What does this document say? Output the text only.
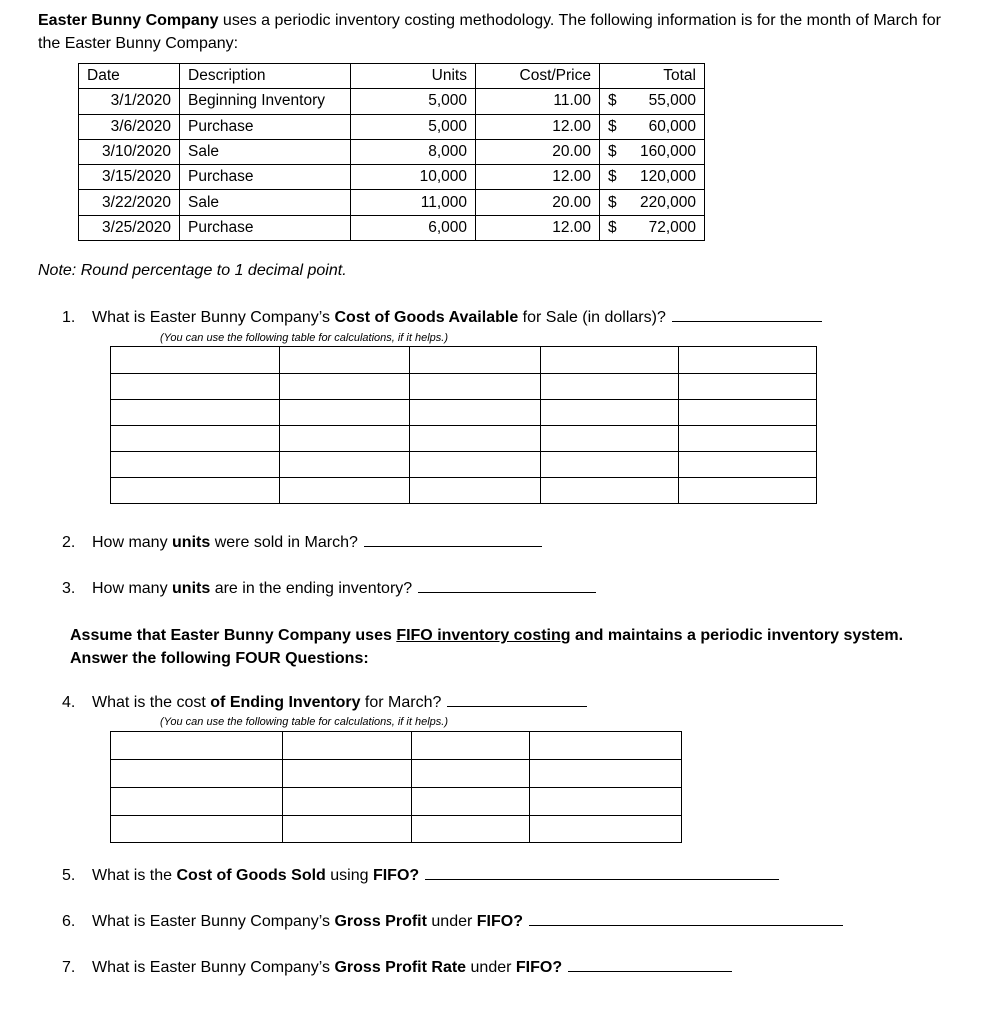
Easter Bunny Company uses a periodic inventory costing methodology. The following information is for the month of March for the Easter Bunny Company:
Date	Description	Units	Cost/Price	Total
3/1/2020	Beginning Inventory	5,000	11.00	$ 55,000

3/6/2020	Purchase	5,000	12.00	$ 60,000

3/10/2020	Sale	8,000	20.00	$ 160,000

3/15/2020	Purchase	10,000	12.00	$ 120,000

3/22/2020	Sale	11,000	20.00	$ 220,000

3/25/2020	Purchase	6,000	12.00	$ 72,000
Note: Round percentage to 1 decimal point.
1. What is Easter Bunny Company’s Cost of Goods Available for Sale (in dollars)?
(You can use the following table for calculations, if it helps.)

2. How many units were sold in March?
3. How many units are in the ending inventory?
Assume that Easter Bunny Company uses FIFO inventory costing and maintains a periodic inventory system.
Answer the following FOUR Questions:
4. What is the cost of Ending Inventory for March?
(You can use the following table for calculations, if it helps.)

5. What is the Cost of Goods Sold using FIFO?
6. What is Easter Bunny Company’s Gross Profit under FIFO?
7. What is Easter Bunny Company’s Gross Profit Rate under FIFO?
